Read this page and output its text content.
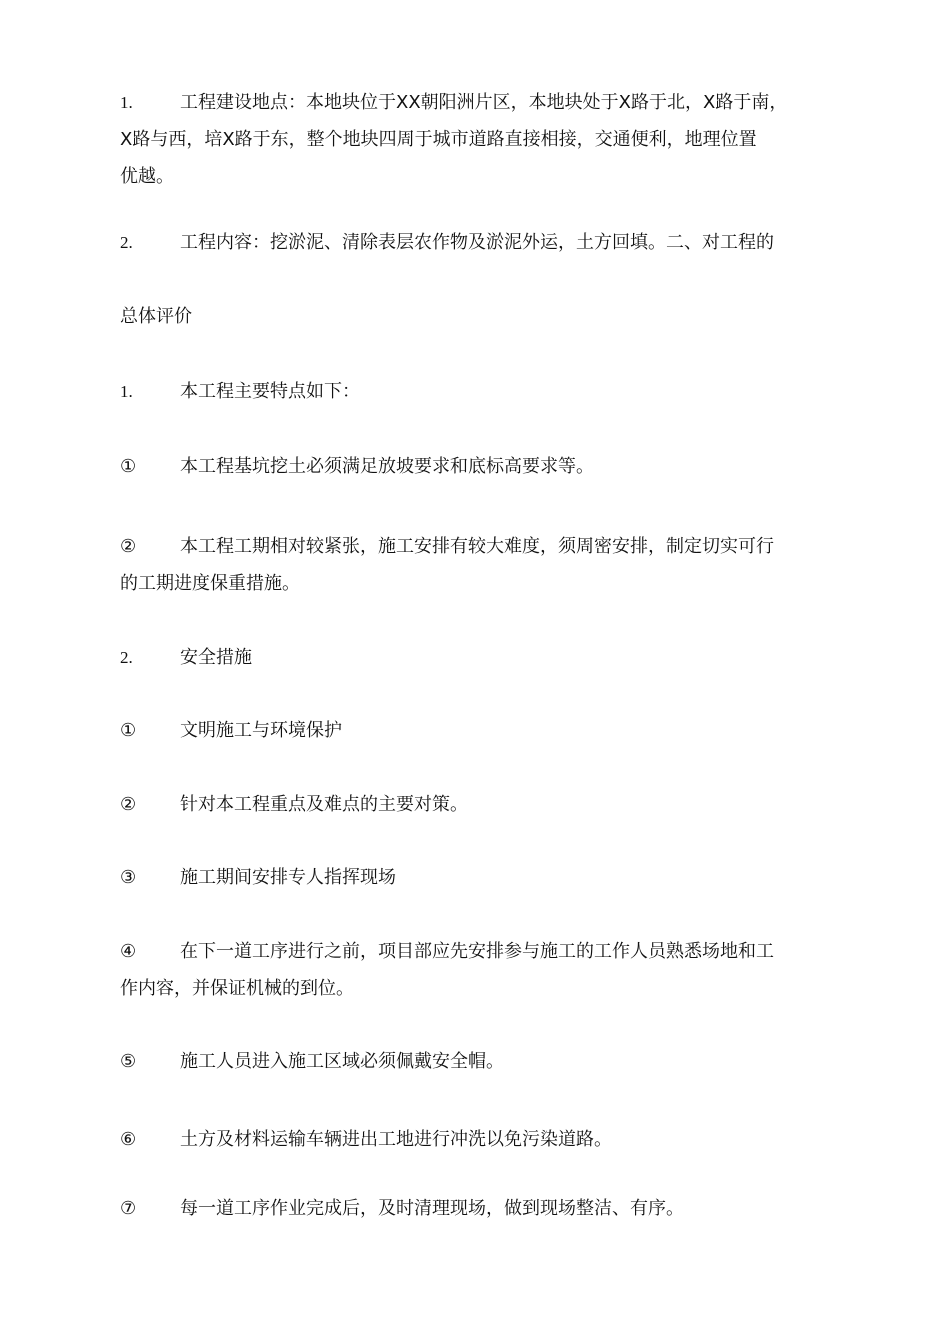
1.	工程建设地点：本地块位于XX朝阳洲片区，本地块处于X路于北，X路于南，
X路与西，培X路于东，整个地块四周于城市道路直接相接，交通便利，地理位置
优越。
2.	工程内容：挖淤泥、清除表层农作物及淤泥外运，土方回填。二、对工程的
总体评价
1.	本工程主要特点如下：
① 本工程基坑挖土必须满足放坡要求和底标高要求等。
② 本工程工期相对较紧张，施工安排有较大难度，须周密安排，制定切实可行
的工期进度保重措施。
2.	安全措施
① 文明施工与环境保护
② 针对本工程重点及难点的主要对策。
③ 施工期间安排专人指挥现场
④ 在下一道工序进行之前，项目部应先安排参与施工的工作人员熟悉场地和工
作内容，并保证机械的到位。
⑤ 施工人员进入施工区域必须佩戴安全帽。
⑥ 土方及材料运输车辆进出工地进行冲洗以免污染道路。
⑦ 每一道工序作业完成后，及时清理现场，做到现场整洁、有序。
